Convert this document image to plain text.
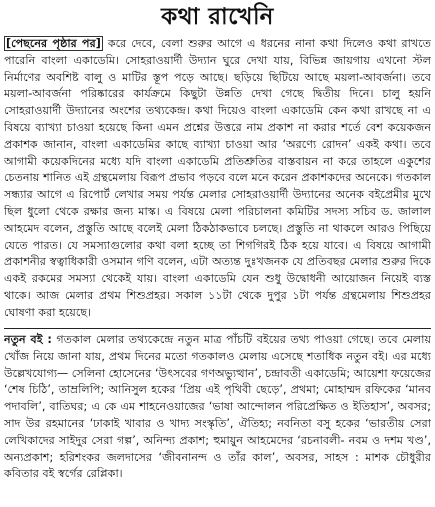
কথা রাখেনি

[পেছনের পৃষ্ঠার পর] করে দেবে, বেলা শুরুর আগে এ ধরনের নানা কথা দিলেও কথা রাখতে পারেনি বাংলা একাডেমি। সোহরাওয়ার্দী উদ্যান ঘুরে দেখা যায়, বিভিন্ন জায়গায় এখনো স্টল নির্মাণের অবশিষ্ট বালু ও মাটির স্তূপ পড়ে আছে। ছড়িয়ে ছিটিয়ে আছে ময়লা-আবর্জনা। তবে ময়লা-আবর্জনা পরিষ্কারের কার্যক্রমে কিছুটা উন্নতি দেখা গেছে দ্বিতীয় দিনে। চালু হয়নি সোহরাওয়ার্দী উদ্যানের অংশের তথ্যকেন্দ্র। কথা দিয়েও বাংলা একাডেমি কেন কথা রাখছে না এ বিষয়ে ব্যাখ্যা চাওয়া হয়েছে কিনা এমন প্রশ্নের উত্তরে নাম প্রকাশ না করার শর্তে বেশ কয়েকজন প্রকাশক জানান, বাংলা একাডেমির কাছে ব্যাখ্যা চাওয়া আর ‘অরণ্যে রোদন’ একই কথা। তবে আগামী কয়েকদিনের মধ্যে যদি বাংলা একাডেমি প্রতিশ্রুতির বাস্তবায়ন না করে তাহলে একুশের চেতনায় শানিত এই গ্রন্থমেলায় বিরূপ প্রভাব পড়বে বলে মনে করেন প্রকাশকদের অনেকে। গতকাল সন্ধ্যার আগে এ রিপোর্ট লেখার সময় পর্যন্ত মেলার সোহরাওয়ার্দী উদ্যানের অনেক বইপ্রেমীর মুখে ছিল ধুলো থেকে রক্ষার জন্য মাস্ক। এ বিষয়ে মেলা পরিচালনা কমিটির সদস্য সচিব ড. জালাল আহমেদ বলেন, প্রস্তুতি আছে বলেই মেলা ঠিকঠাকভাবে চলছে। প্রস্তুতি না থাকলে আরও পিছিয়ে যেতে পারত। যে সমস্যাগুলোর কথা বলা হচ্ছে তা শিগগিরই ঠিক হয়ে যাবে। এ বিষয়ে আগামী প্রকাশনীর স্বত্বাধিকারী ওসমান গণি বলেন, এটা অত্যন্ত দুঃখজনক যে প্রতিবছর মেলার শুরুর দিকে একই রকমের সমস্যা থেকেই যায়। বাংলা একাডেমি যেন শুধু উদ্বোধনী আয়োজন নিয়েই ব্যস্ত থাকে। আজ মেলার প্রথম শিশুপ্রহর। সকাল ১১টা থেকে দুপুর ১টা পর্যন্ত গ্রন্থমেলায় শিশুপ্রহর ঘোষণা করা হয়েছে।

নতুন বই : গতকাল মেলার তথ্যকেন্দ্রে নতুন মাত্র পাঁচটি বইয়ের তথ্য পাওয়া গেছে। তবে মেলায় খোঁজ নিয়ে জানা যায়, প্রথম দিনের মতো গতকালও মেলায় এসেছে শতাধিক নতুন বই। এর মধ্যে উল্লেখযোগ্য— সেলিনা হোসেনের ‘উৎসবের গণঅভ্যুত্থান’, চন্দ্রাবতী একাডেমি; আয়েশা ফয়েজের ‘শেষ চিঠি’, তাম্রলিপি; আনিসুল হকের ‘প্রিয় এই পৃথিবী ছেড়ে’, প্রথমা; মোহাম্মদ রফিকের ‘মানব পদাবলি’, বাতিঘর; এ কে এম শাহনেওয়াজের ‘ভাষা আন্দোলন পরিপ্রেক্ষিত ও ইতিহাস’, অবসর; সাদ উর রহমানের ‘ঢাকাই খাবার ও খাদ্য সংস্কৃতি’, ঐতিহ্য; নবনিতা বসু হকের ‘ভারতীয় সেরা লেখিকাদের সাইদুর সেরা গল্প’, অনিন্দ্য প্রকাশ; হুমায়ুন আহমেদের ‘রচনাবলী- নবম ও দশম খণ্ড’, অন্যপ্রকাশ; হরিশংকর জলদাসের ‘জীবনানন্দ ও তাঁর কাল’, অবসর, সাহস : মাশক চৌধুরীর কবিতার বই স্বর্গের রেপ্লিকা।
